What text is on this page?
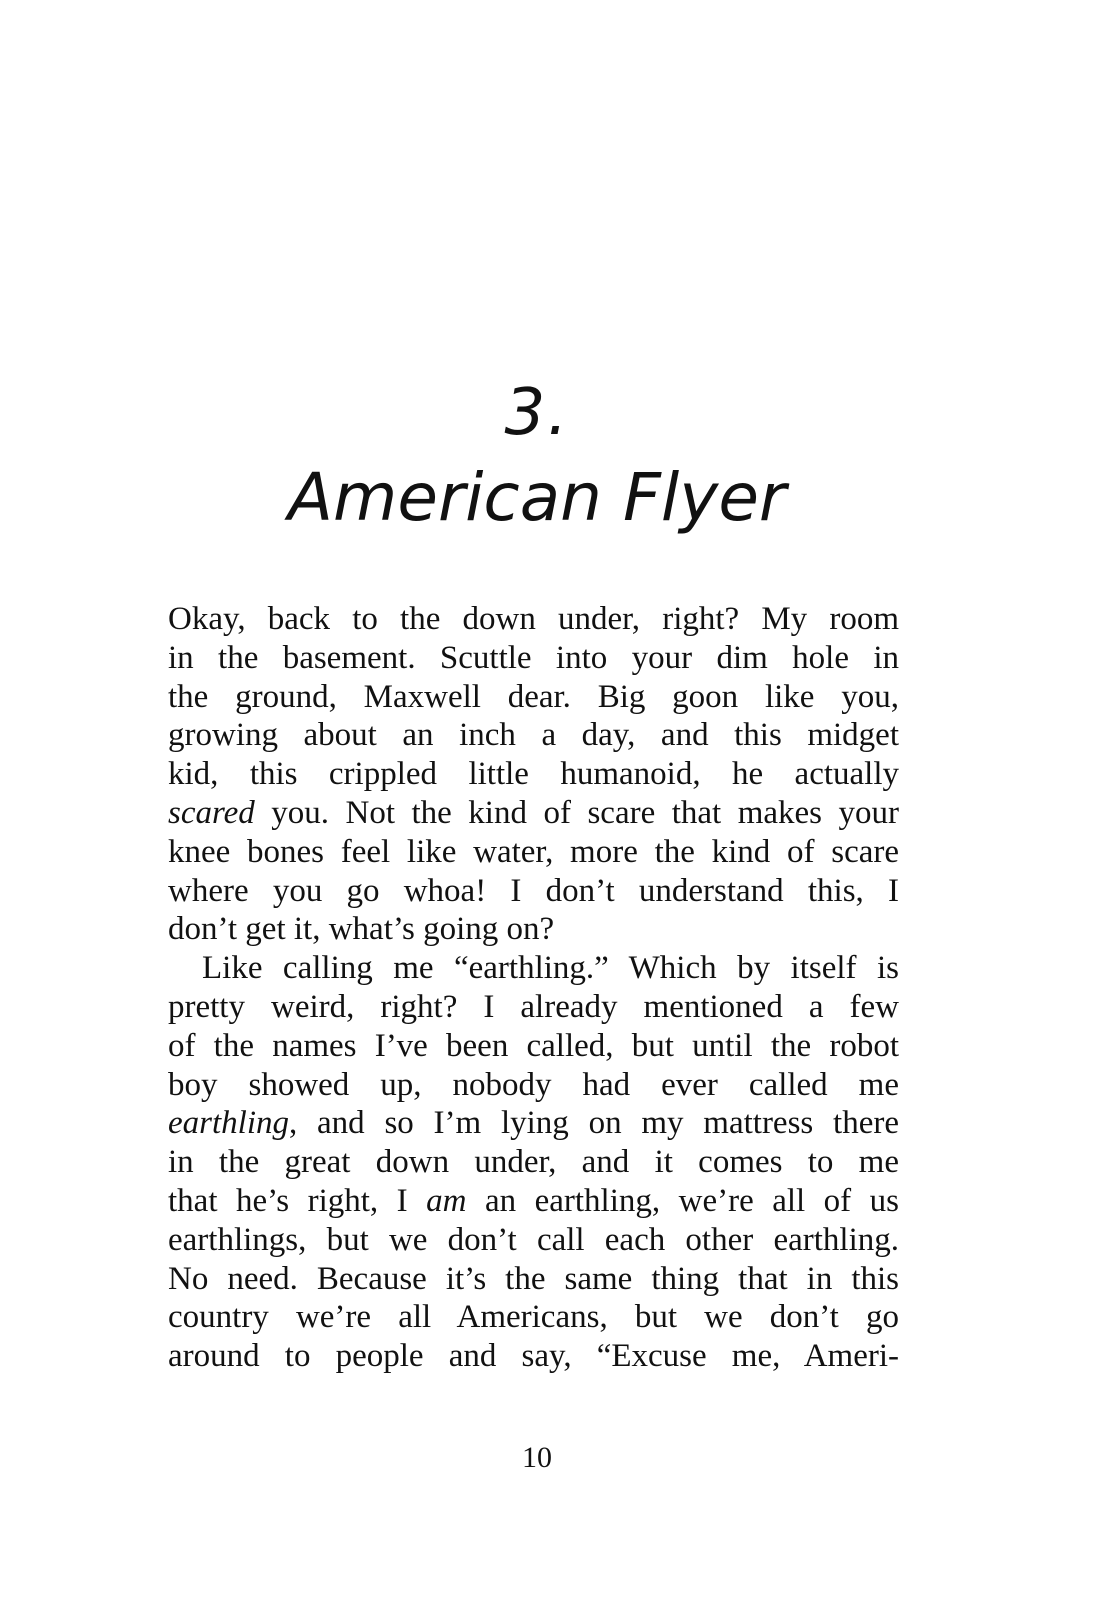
3.
American Flyer
Okay, back to the down under, right? My room
in the basement. Scuttle into your dim hole in
the ground, Maxwell dear. Big goon like you,
growing about an inch a day, and this midget
kid, this crippled little humanoid, he actually
scared you. Not the kind of scare that makes your
knee bones feel like water, more the kind of scare
where you go whoa! I don’t understand this, I
don’t get it, what’s going on?
Like calling me “earthling.” Which by itself is
pretty weird, right? I already mentioned a few
of the names I’ve been called, but until the robot
boy showed up, nobody had ever called me
earthling, and so I’m lying on my mattress there
in the great down under, and it comes to me
that he’s right, I am an earthling, we’re all of us
earthlings, but we don’t call each other earthling.
No need. Because it’s the same thing that in this
country we’re all Americans, but we don’t go
around to people and say, “Excuse me, Ameri-
10
